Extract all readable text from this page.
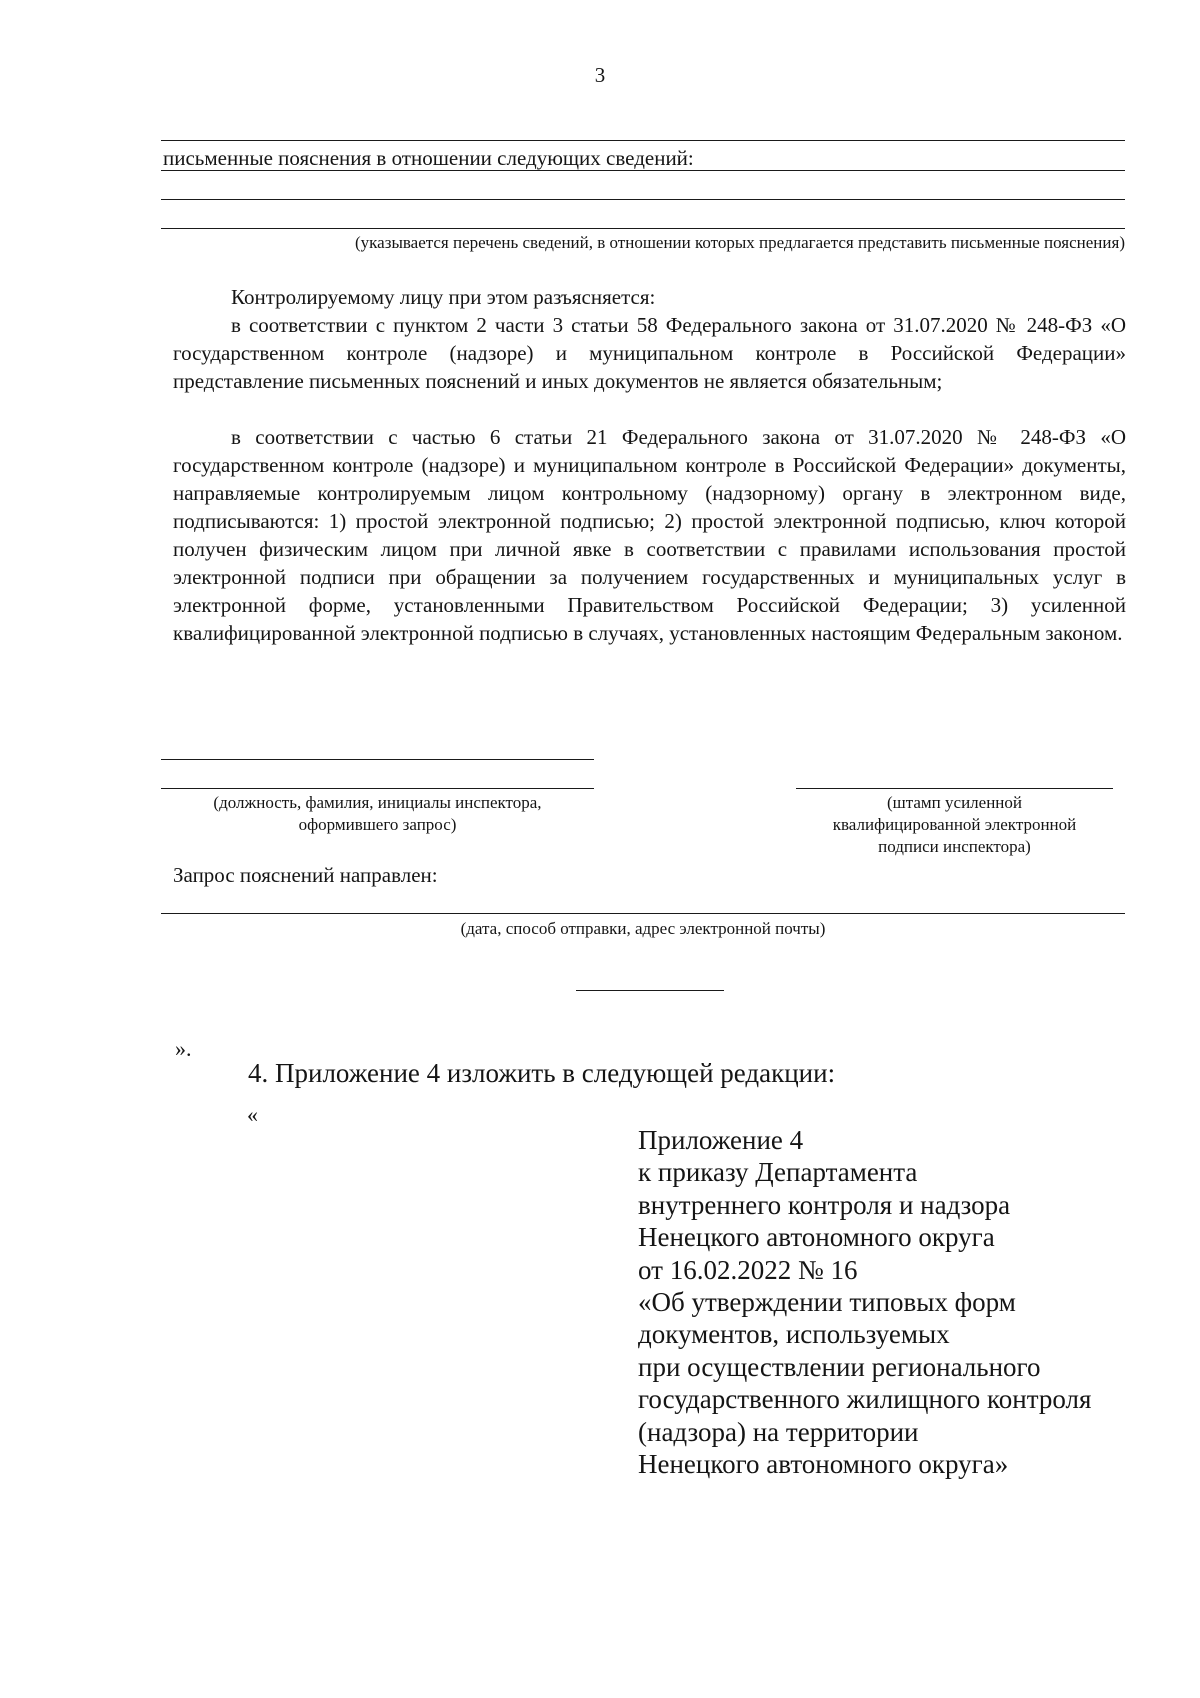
3
письменные пояснения в отношении следующих сведений:
(указывается перечень сведений, в отношении которых предлагается представить письменные пояснения)

Контролируемому лицу при этом разъясняется:

в соответствии с пунктом 2 части 3 статьи 58 Федерального закона от 31.07.2020 № 248-ФЗ «О государственном контроле (надзоре) и муниципальном контроле в Российской Федерации» представление письменных пояснений и иных документов не является обязательным;

в соответствии с частью 6 статьи 21 Федерального закона от 31.07.2020 № 248-ФЗ «О государственном контроле (надзоре) и муниципальном контроле в Российской Федерации» документы, направляемые контролируемым лицом контрольному (надзорному) органу в электронном виде, подписываются: 1) простой электронной подписью; 2) простой электронной подписью, ключ которой получен физическим лицом при личной явке в соответствии с правилами использования простой электронной подписи при обращении за получением государственных и муниципальных услуг в электронной форме, установленными Правительством Российской Федерации; 3) усиленной квалифицированной электронной подписью в случаях, установленных настоящим Федеральным законом.

(должность, фамилия, инициалы инспектора,
оформившего запрос)
(штамп усиленной
квалифицированной электронной
подписи инспектора)
Запрос пояснений направлен:
(дата, способ отправки, адрес электронной почты)
».
4. Приложение 4 изложить в следующей редакции:
«
Приложение 4
к приказу Департамента
внутреннего контроля и надзора
Ненецкого автономного округа
от 16.02.2022 № 16
«Об утверждении типовых форм
документов, используемых
при осуществлении регионального
государственного жилищного контроля
(надзора) на территории
Ненецкого автономного округа»
